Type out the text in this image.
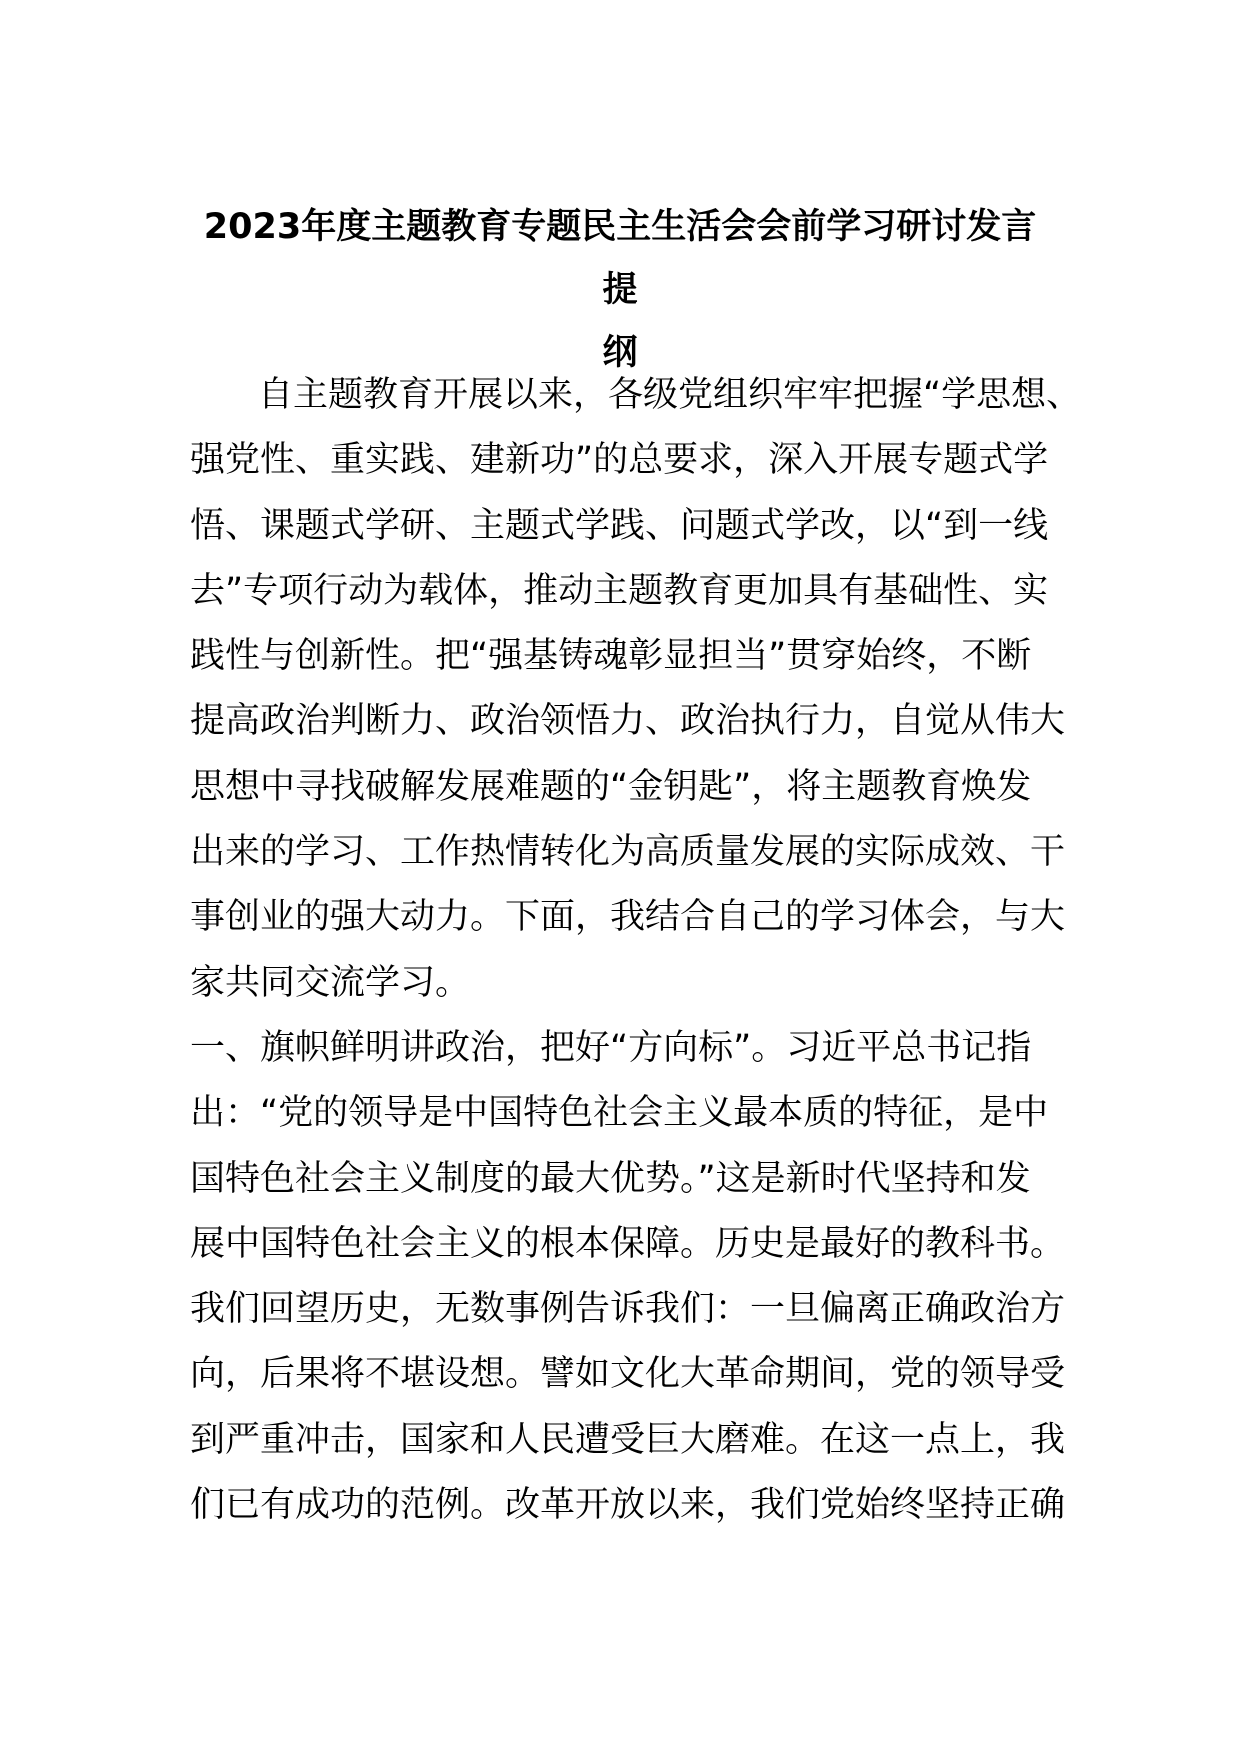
2023年度主题教育专题民主生活会会前学习研讨发言提
纲

自主题教育开展以来，各级党组织牢牢把握“学思想、

强党性、重实践、建新功”的总要求，深入开展专题式学

悟、课题式学研、主题式学践、问题式学改，以“到一线

去”专项行动为载体，推动主题教育更加具有基础性、实

践性与创新性。把“强基铸魂彰显担当”贯穿始终，不断

提高政治判断力、政治领悟力、政治执行力，自觉从伟大

思想中寻找破解发展难题的“金钥匙”，将主题教育焕发

出来的学习、工作热情转化为高质量发展的实际成效、干

事创业的强大动力。下面，我结合自己的学习体会，与大

家共同交流学习。

一、旗帜鲜明讲政治，把好“方向标”。习近平总书记指

出：“党的领导是中国特色社会主义最本质的特征，是中

国特色社会主义制度的最大优势。”这是新时代坚持和发

展中国特色社会主义的根本保障。历史是最好的教科书。

我们回望历史，无数事例告诉我们：一旦偏离正确政治方

向，后果将不堪设想。譬如文化大革命期间，党的领导受

到严重冲击，国家和人民遭受巨大磨难。在这一点上，我

们已有成功的范例。改革开放以来，我们党始终坚持正确
